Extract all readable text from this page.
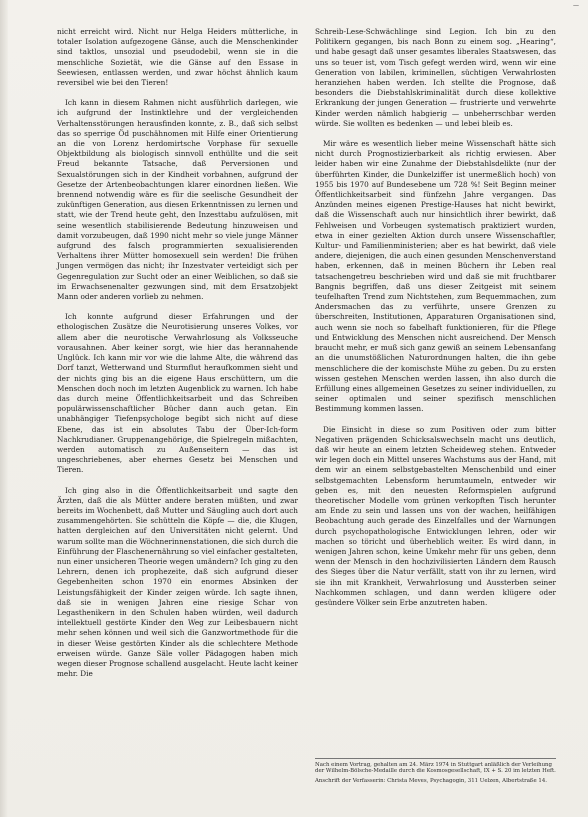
—

nicht erreicht wird. Nicht nur Helga Heiders mütterliche, in totaler Isolation aufgezogene Gänse, auch die Menschenkinder sind taktlos, unsozial und pseudodebil, wenn sie in die menschliche Sozietät, wie die Gänse auf den Essase in Seewiesen, entlassen werden, und zwar höchst ähnlich kaum reversibel wie bei den Tieren!

Ich kann in diesem Rahmen nicht ausführlich darlegen, wie ich aufgrund der Instinktlehre und der vergleichenden Verhaltensstörungen herausfinden konnte, z. B., daß sich selbst das so sperrige Öd puschähnomen mit Hilfe einer Orientierung an die von Lorenz herdomirtsche Vorphase für sexuelle Objektbildung als biologisch sinnvoll enthüllte und die seit Freud bekannte Tatsache, daß Perversionen und Sexualstörungen sich in der Kindheit vorbahnen, aufgrund der Gesetze der Artenbeobachtungen klarer einordnen ließen. Wie brennend notwendig wäre es für die seelische Gesundheit der zukünftigen Generation, aus diesen Erkenntnissen zu lernen und statt, wie der Trend heute geht, den Inzesttabu aufzulösen, mit seine wesentlich stabilisierende Bedeutung hinzuweisen und damit vorzubeugen, daß 1990 nicht mehr so viele junge Männer aufgrund des falsch programmierten sexualisierenden Verhaltens ihrer Mütter homosexuell sein werden! Die frühen Jungen vermögen das nicht; ihr Inzestvater verteidigt sich per Gegenregulation zur Sucht oder an einer Weiblichen, so daß sie im Erwachsenenalter gezwungen sind, mit dem Ersatzobjekt Mann oder anderen vorlieb zu nehmen.

Ich konnte aufgrund dieser Erfahrungen und der ethologischen Zusätze die Neurotisierung unseres Volkes, vor allem aber die neurotische Verwahrlosung als Volksseuche vorausahnen. Aber keiner sorgt, wie hier das herannahende Unglück. Ich kann mir vor wie die lahme Alte, die während das Dorf tanzt, Wetterwand und Sturmflut heraufkommen sieht und der nichts ging bis an die eigene Haus erschüttern, um die Menschen doch noch im letzten Augenblick zu warnen. Ich habe das durch meine Öffentlichkeitsarbeit und das Schreiben populärwissenschaftlicher Bücher dann auch getan. Ein unabhängiger Tiefenpsychologe begibt sich nicht auf diese Ebene, das ist ein absolutes Tabu der Über-Ich-form Nachkrudianer. Gruppenangehörige, die Spielregeln mißachten, werden automatisch zu Außenseitern — das ist ungeschriebenes, aber ehernes Gesetz bei Menschen und Tieren.

Ich ging also in die Öffentlichkeitsarbeit und sagte den Ärzten, daß die als Mütter andere beraten müßten, und zwar bereits im Wochenbett, daß Mutter und Säugling auch dort auch zusammengehörten. Sie schütteln die Köpfe — die, die Klugen, hatten dergleichen auf den Universitäten nicht gelernt. Und warum sollte man die Wöchnerinnenstationen, die sich durch die Einführung der Flaschenernährung so viel einfacher gestalteten, nun einer unsicheren Theorie wegen umändern? Ich ging zu den Lehrern, denen ich prophezeite, daß sich aufgrund dieser Gegebenheiten schon 1970 ein enormes Absinken der Leistungsfähigkeit der Kinder zeigen würde. Ich sagte ihnen, daß sie in wenigen Jahren eine riesige Schar von Legasthenikern in den Schulen haben würden, weil dadurch intellektuell gestörte Kinder den Weg zur Leibesbauern nicht mehr sehen können und weil sich die Ganzwortmethode für die in dieser Weise gestörten Kinder als die schlechtere Methode erweisen würde. Ganze Säle voller Pädagogen haben mich wegen dieser Prognose schallend ausgelacht. Heute lacht keiner mehr. Die

Schreib-Lese-Schwächlinge sind Legion. Ich bin zu den Politikern gegangen, bis nach Bonn zu einem sog. „Hearing“, und habe gesagt daß unser gesamtes liberales Staatswesen, das uns so teuer ist, vom Tisch gefegt werden wird, wenn wir eine Generation von labilen, kriminellen, süchtigen Verwahrlosten heranziehen haben werden. Ich stellte die Prognose, daß besonders die Diebstahlskriminalität durch diese kollektive Erkrankung der jungen Generation — frustrierte und verwehrte Kinder werden nämlich habgierig — unbeherrschbar werden würde. Sie wollten es bedenken — und lebei bleib es.

Mir wäre es wesentlich lieber meine Wissenschaft hätte sich nicht durch Prognostizierbarkeit als richtig erwiesen. Aber leider haben wir eine Zunahme der Diebstahlsdelikte (nur der überführten Kinder, die Dunkelziffer ist unermeßlich hoch) von 1955 bis 1970 auf Bundesebene um 728 %! Seit Beginn meiner Öffentlichkeitsarbeit sind fünfzehn Jahre vergangen. Das Anzünden meines eigenen Prestige-Hauses hat nicht bewirkt, daß die Wissenschaft auch nur hinsichtlich ihrer bewirkt, daß Fehlweisen und Vorbeugen systematisch praktiziert wurden, etwa in einer gezielten Aktion durch unsere Wissenschaftler, Kultur- und Familienministerien; aber es hat bewirkt, daß viele andere, diejenigen, die auch einen gesunden Menschenverstand haben, erkennen, daß in meinen Büchern ihr Leben real tatsachengetreu beschrieben wird und daß sie mit fruchtbarer Bangnis begriffen, daß uns dieser Zeitgeist mit seinem teufelhaften Trend zum Nichtstehen, zum Bequemmachen, zum Andersmachen das zu verführte, unsere Grenzen zu überschreiten, Institutionen, Apparaturen Organisationen sind, auch wenn sie noch so fabelhaft funktionieren, für die Pflege und Entwicklung des Menschen nicht ausreichend. Der Mensch braucht mehr, er muß sich ganz gewiß an seinem Lebensanfang an die unumstößlichen Naturordnungen halten, die ihn gebe menschlichere die der komischste Mühe zu geben. Du zu ersten wissen gestehen Menschen werden lassen, ihn also durch die Erfüllung eines allgemeinen Gesetzes zu seiner individuellen, zu seiner optimalen und seiner spezifisch menschlichen Bestimmung kommen lassen.

Die Einsicht in diese so zum Positiven oder zum bitter Negativen prägenden Schicksalswechseln macht uns deutlich, daß wir heute an einem letzten Scheideweg stehen. Entweder wir legen doch ein Mittel unseres Wachstums aus der Hand, mit dem wir an einem selbstgebastelten Menschenbild und einer selbstgemachten Lebensform herumtaumeln, entweder wir geben es, mit den neuesten Reformspielen aufgrund theoretischer Modelle vom grünen verkopften Tisch herunter am Ende zu sein und lassen uns von der wachen, heilfähigen Beobachtung auch gerade des Einzelfalles und der Warnungen durch psychopathologische Entwicklungen lehren, oder wir machen so töricht und überheblich weiter. Es wird dann, in wenigen Jahren schon, keine Umkehr mehr für uns geben, denn wenn der Mensch in den hochzivilisierten Ländern dem Rausch des Sieges über die Natur verfällt, statt von ihr zu lernen, wird sie ihn mit Krankheit, Verwahrlosung und Aussterben seiner Nachkommen schlagen, und dann werden klügere oder gesündere Völker sein Erbe anzutreten haben.

Nach einem Vortrag, gehalten am 24. März 1974 in Stuttgart anläßlich der Verleihung der Wilhelm-Bölsche-Medaille durch die Kosmosgesellschaft, IX + S. 20 im letzten Heft.

Anschrift der Verfasserin: Christa Meves, Psychagogin, 311 Uelzen, Albertstraße 14.
